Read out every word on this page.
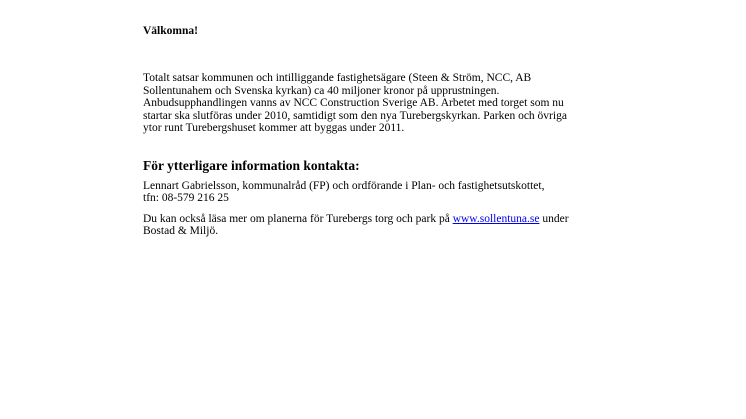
Välkomna!

Totalt satsar kommunen och intilliggande fastighetsägare (Steen & Ström, NCC, AB
Sollentunahem och Svenska kyrkan) ca 40 miljoner kronor på upprustningen.
Anbudsupphandlingen vanns av NCC Construction Sverige AB. Arbetet med torget som nu
startar ska slutföras under 2010, samtidigt som den nya Turebergskyrkan. Parken och övriga
ytor runt Turebergshuset kommer att byggas under 2011.

För ytterligare information kontakta:

Lennart Gabrielsson, kommunalråd (FP) och ordförande i Plan- och fastighetsutskottet,
tfn: 08-579 216 25
Du kan också läsa mer om planerna för Turebergs torg och park på www.sollentuna.se under
Bostad & Miljö.
